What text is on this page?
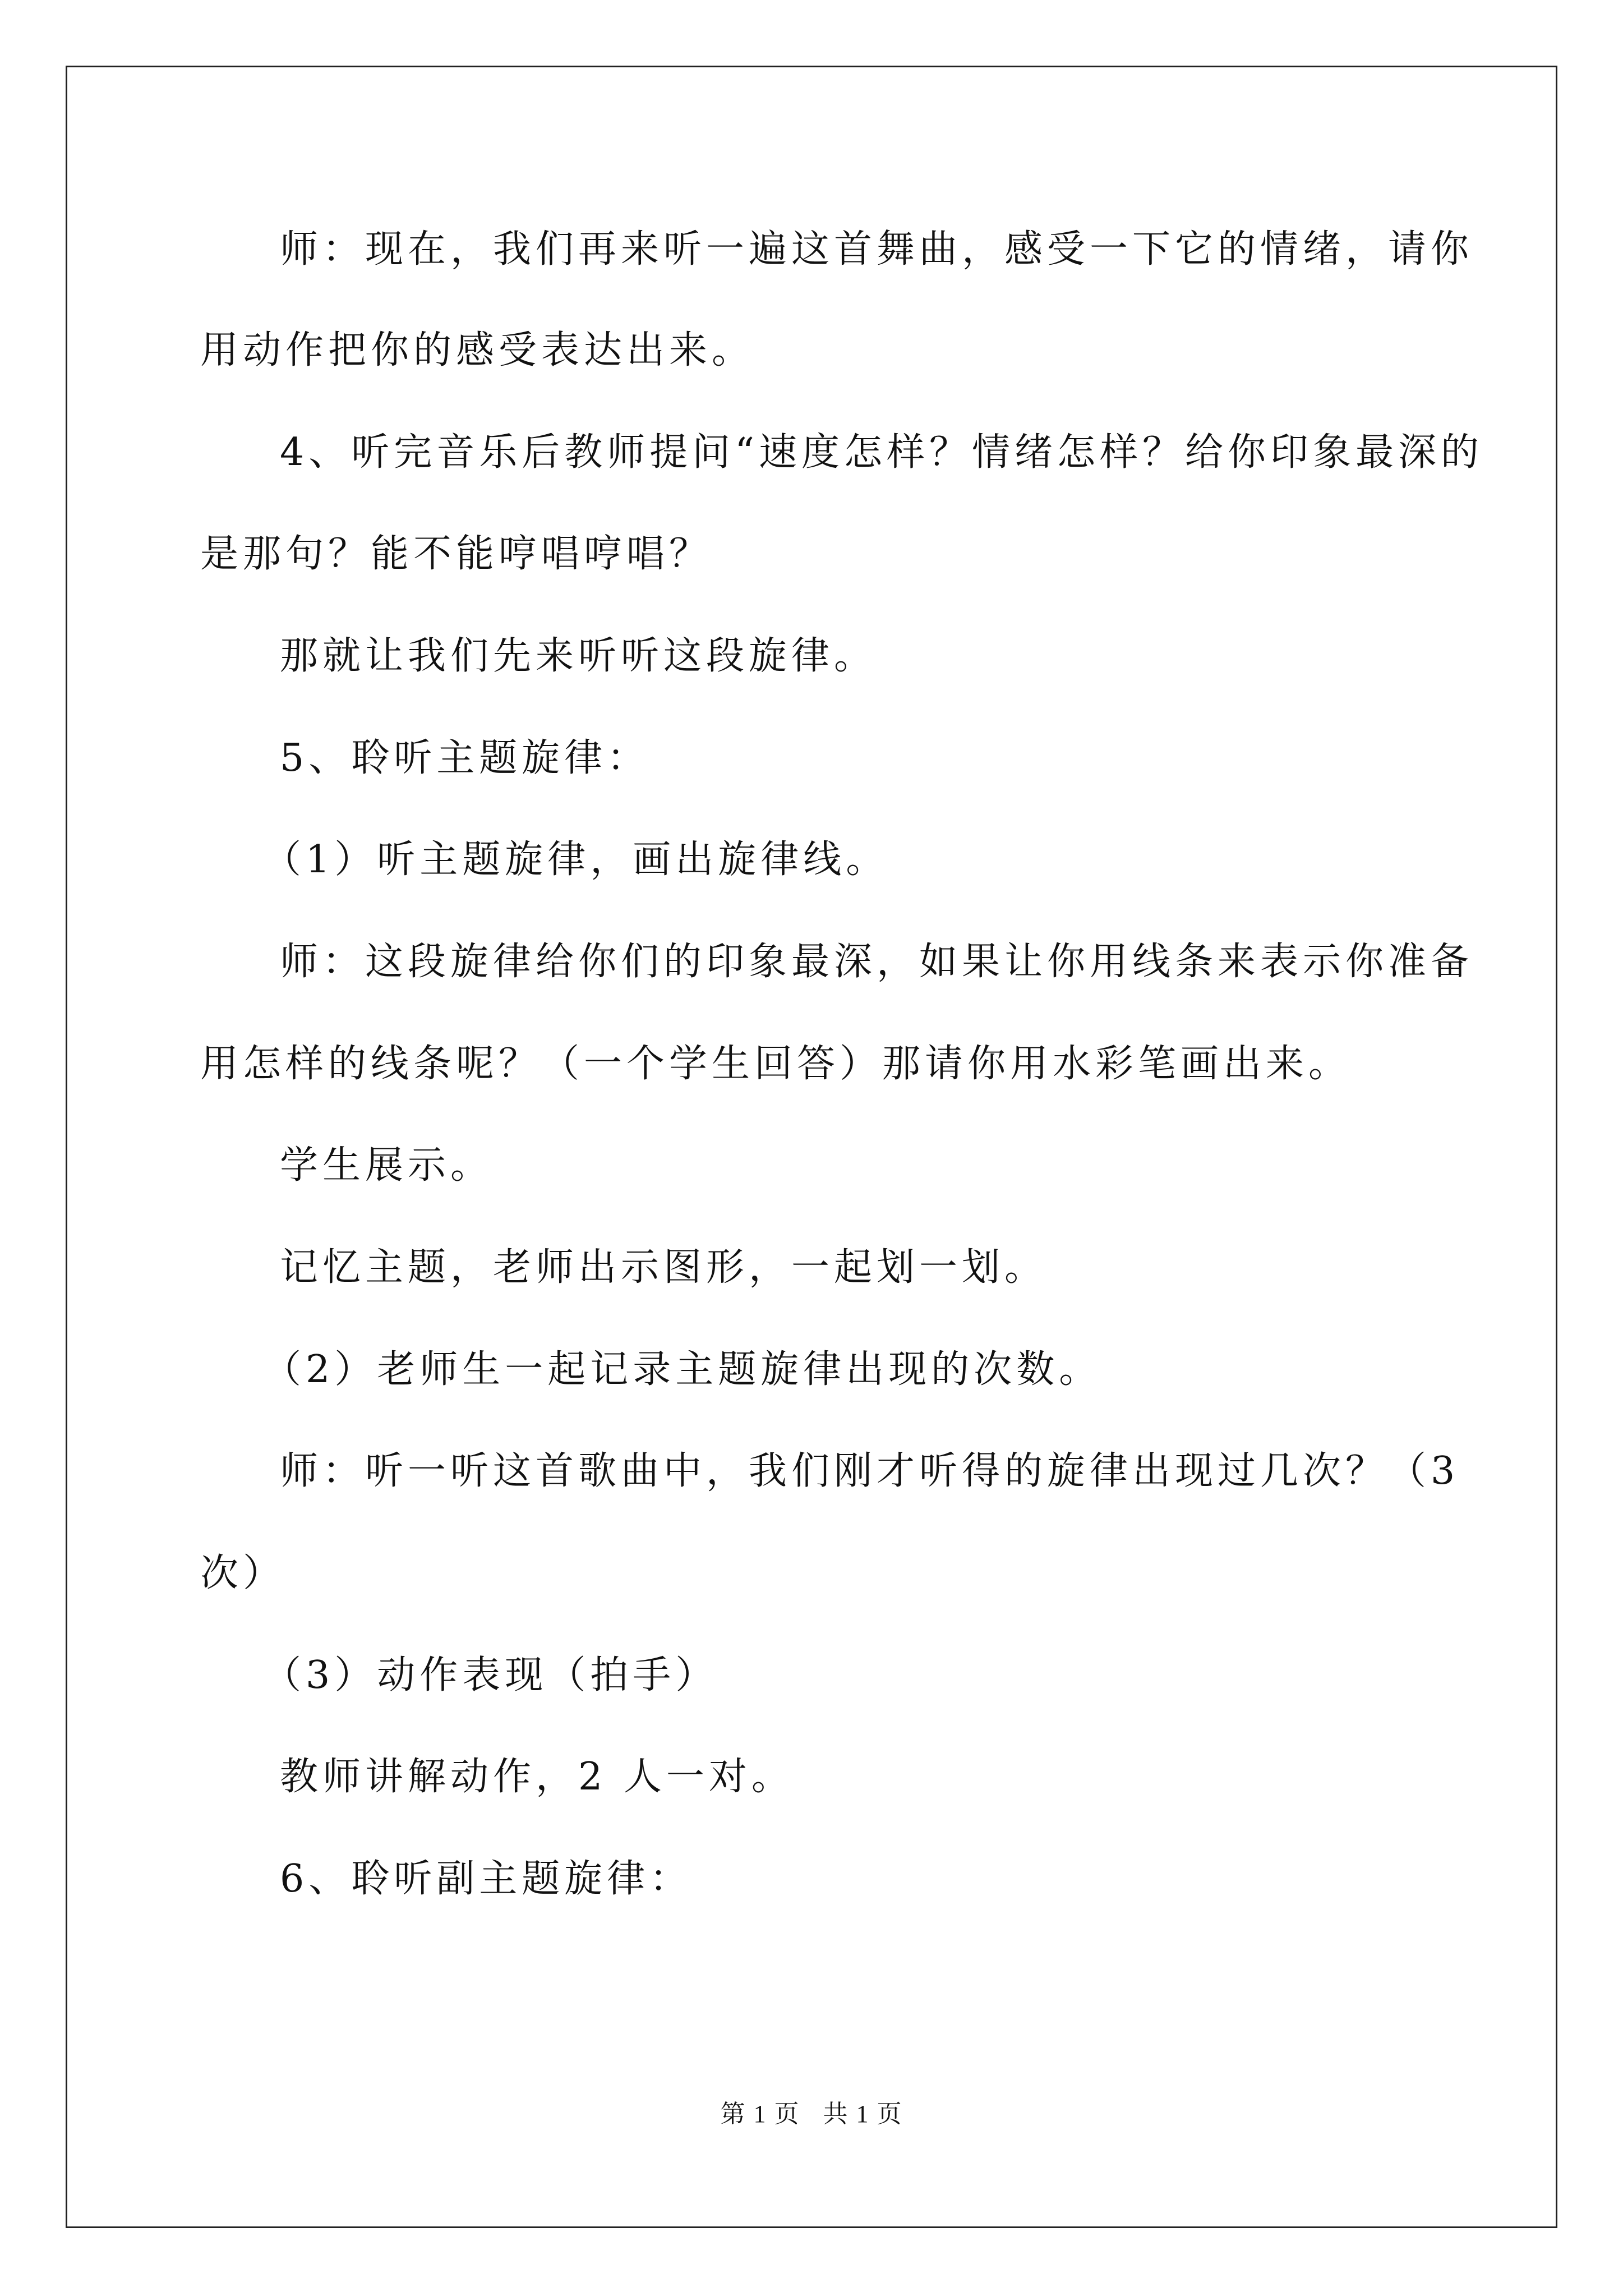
师：现在，我们再来听一遍这首舞曲，感受一下它的情绪，请你
用动作把你的感受表达出来。
4、听完音乐后教师提问“速度怎样？情绪怎样？给你印象最深的
是那句？能不能哼唱哼唱？
那就让我们先来听听这段旋律。
5、聆听主题旋律：
（1）听主题旋律，画出旋律线。
师：这段旋律给你们的印象最深，如果让你用线条来表示你准备
用怎样的线条呢？（一个学生回答）那请你用水彩笔画出来。
学生展示。
记忆主题，老师出示图形，一起划一划。
（2）老师生一起记录主题旋律出现的次数。
师：听一听这首歌曲中，我们刚才听得的旋律出现过几次？（3
次）
（3）动作表现（拍手）
教师讲解动作，2 人一对。
6、聆听副主题旋律：
第 1 页 共 1 页
